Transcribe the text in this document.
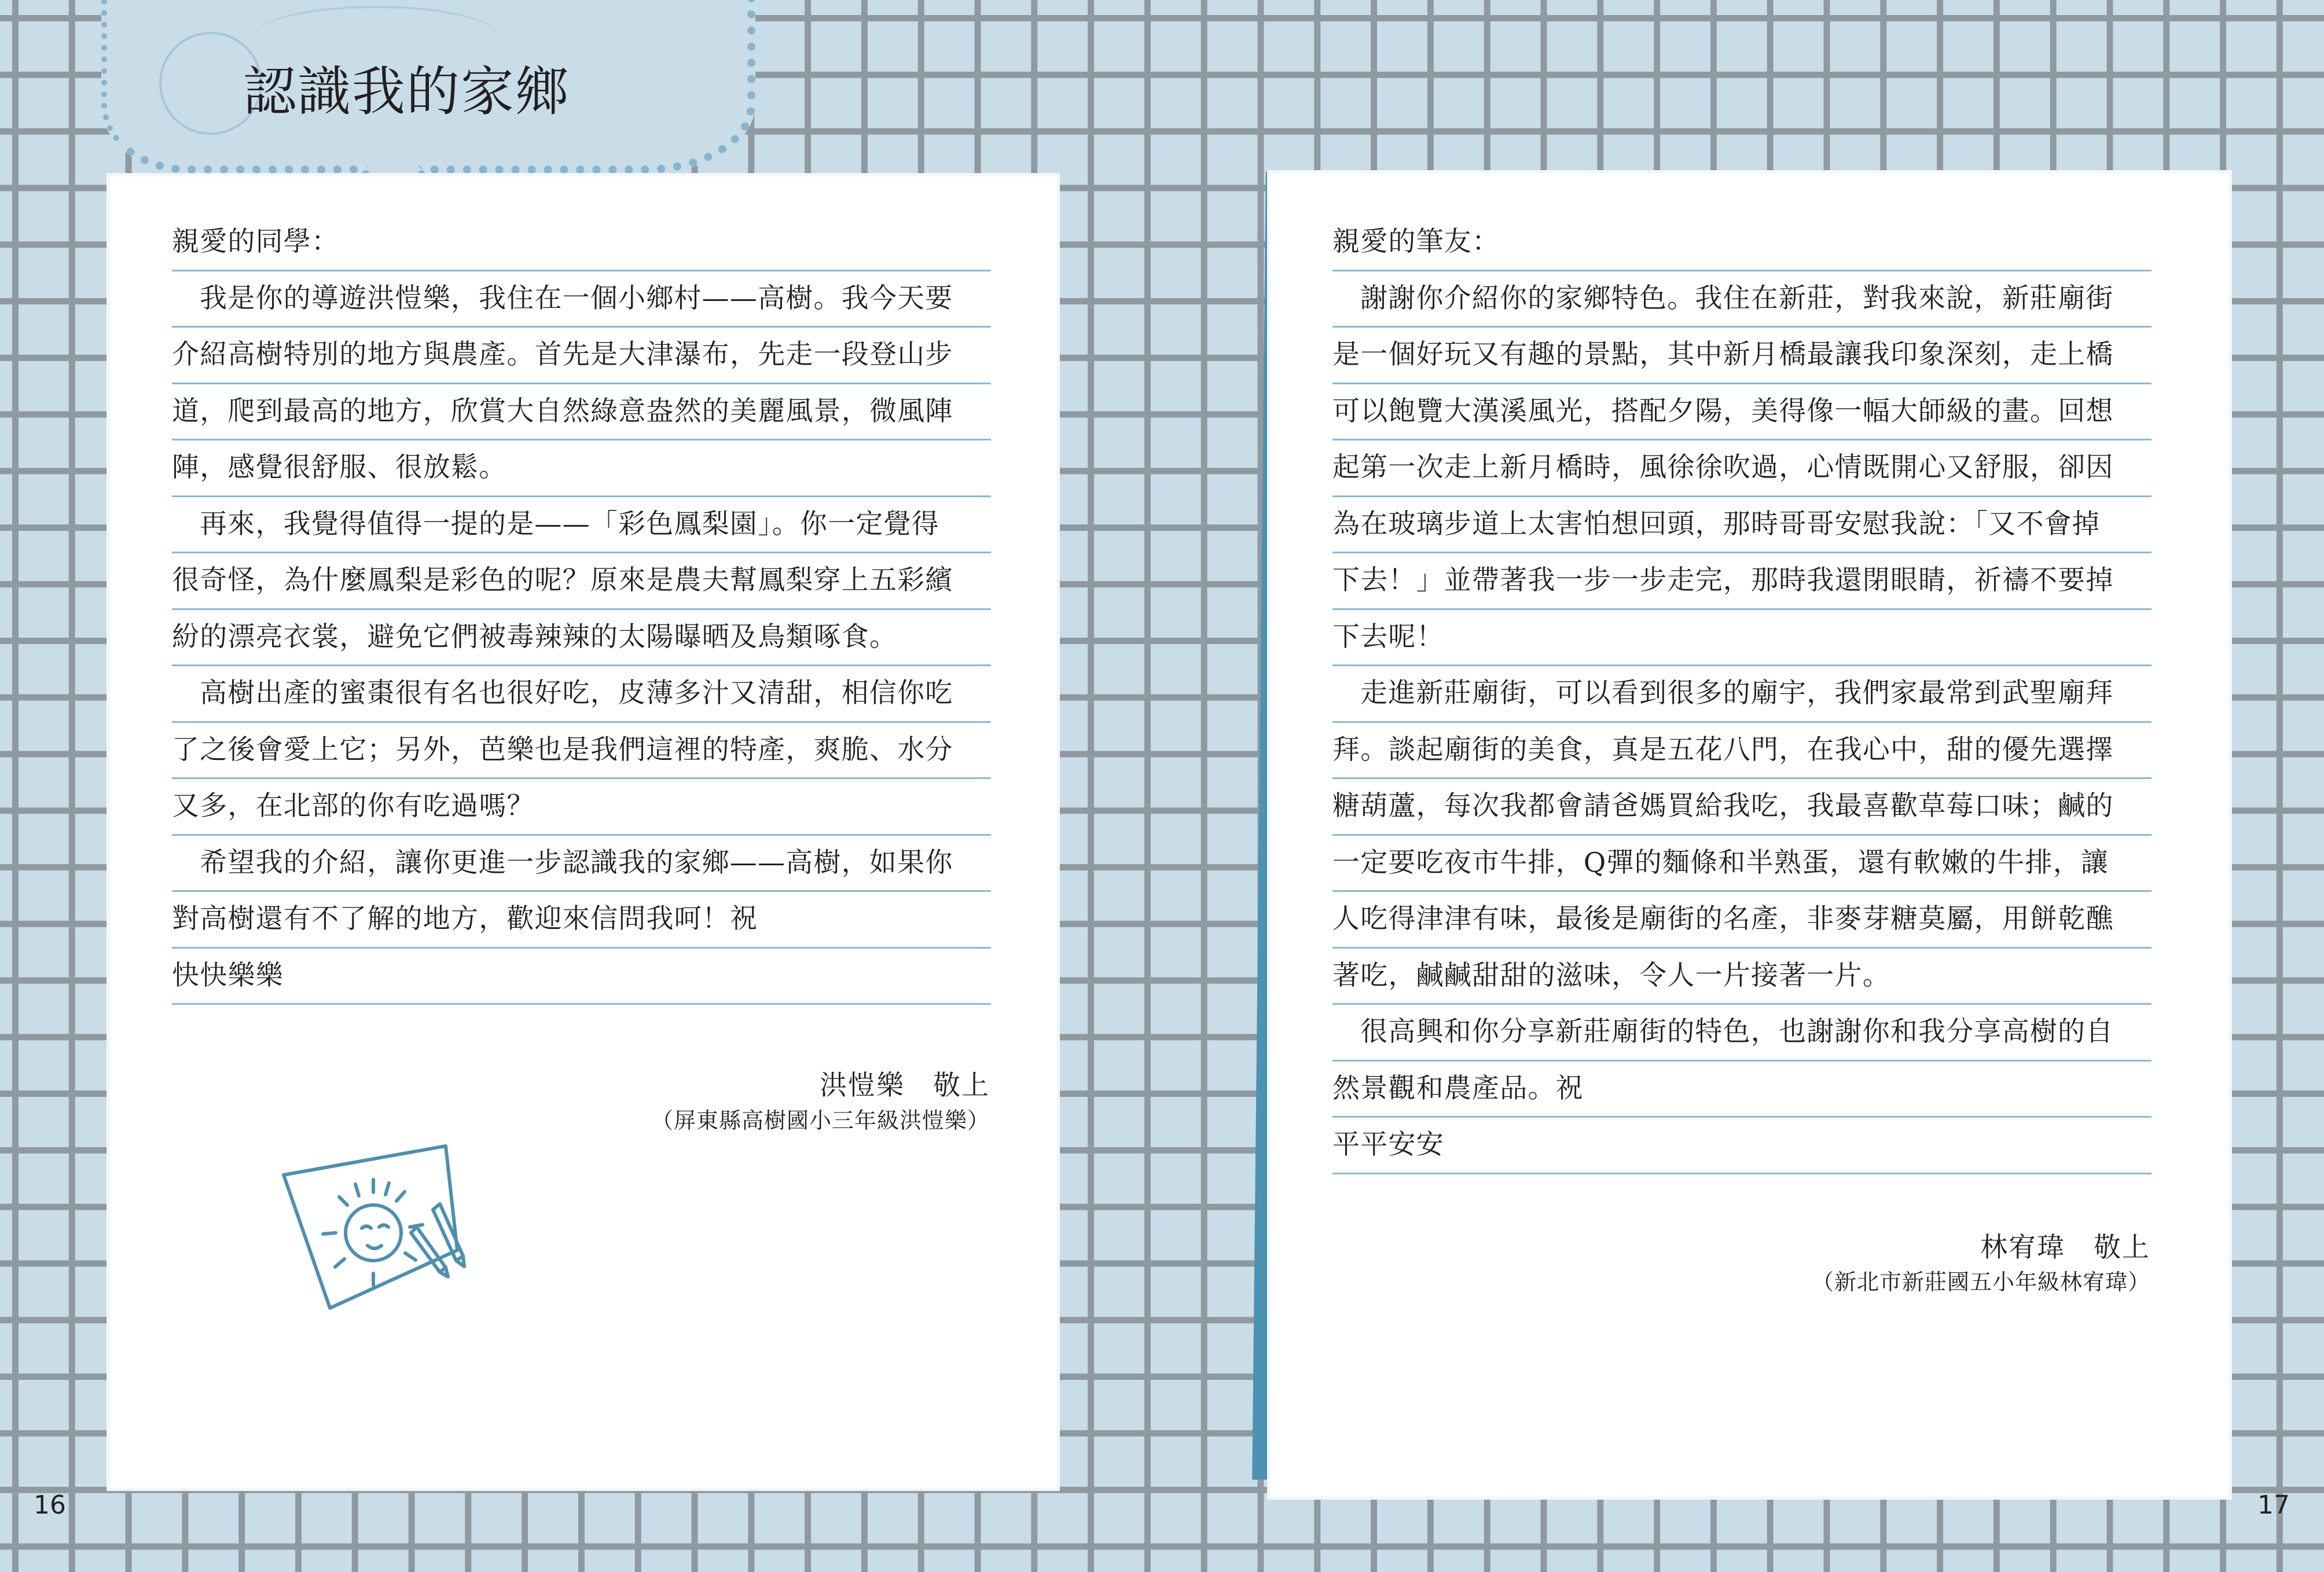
認識我的家鄉
親愛的同學：
我是你的導遊洪愷樂，我住在一個小鄉村——高樹。我今天要
介紹高樹特別的地方與農產。首先是大津瀑布，先走一段登山步
道，爬到最高的地方，欣賞大自然綠意盎然的美麗風景，微風陣
陣，感覺很舒服、很放鬆。
再來，我覺得值得一提的是——「彩色鳳梨園」。你一定覺得
很奇怪，為什麼鳳梨是彩色的呢？原來是農夫幫鳳梨穿上五彩繽
紛的漂亮衣裳，避免它們被毒辣辣的太陽曝晒及鳥類啄食。
高樹出產的蜜棗很有名也很好吃，皮薄多汁又清甜，相信你吃
了之後會愛上它；另外，芭樂也是我們這裡的特產，爽脆、水分
又多，在北部的你有吃過嗎？
希望我的介紹，讓你更進一步認識我的家鄉——高樹，如果你
對高樹還有不了解的地方，歡迎來信問我呵！祝
快快樂樂
洪愷樂　敬上
（屏東縣高樹國小三年級洪愷樂）
親愛的筆友：
謝謝你介紹你的家鄉特色。我住在新莊，對我來說，新莊廟街
是一個好玩又有趣的景點，其中新月橋最讓我印象深刻，走上橋
可以飽覽大漢溪風光，搭配夕陽，美得像一幅大師級的畫。回想
起第一次走上新月橋時，風徐徐吹過，心情既開心又舒服，卻因
為在玻璃步道上太害怕想回頭，那時哥哥安慰我說：「又不會掉
下去！」並帶著我一步一步走完，那時我還閉眼睛，祈禱不要掉
下去呢！
走進新莊廟街，可以看到很多的廟宇，我們家最常到武聖廟拜
拜。談起廟街的美食，真是五花八門，在我心中，甜的優先選擇
糖葫蘆，每次我都會請爸媽買給我吃，我最喜歡草莓口味；鹹的
一定要吃夜市牛排，Q彈的麵條和半熟蛋，還有軟嫩的牛排，讓
人吃得津津有味，最後是廟街的名產，非麥芽糖莫屬，用餅乾醮
著吃，鹹鹹甜甜的滋味，令人一片接著一片。
很高興和你分享新莊廟街的特色，也謝謝你和我分享高樹的自
然景觀和農產品。祝
平平安安
林宥瑋　敬上
（新北市新莊國五小年級林宥瑋）
16	17
